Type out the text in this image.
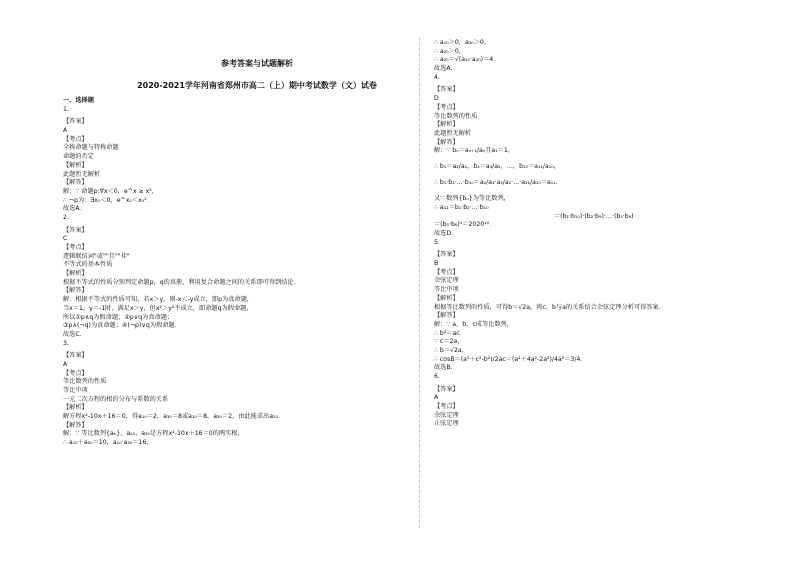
参考答案与试题解析
2020-2021学年河南省郑州市高二（上）期中考试数学（文）试卷
一、选择题
1.
【答案】
A
【考点】
全称命题与特称命题
命题的否定
【解析】
此题暂无解析
【解答】
解：∵ 命题p:∀x＜0，e^x ≥ x²，
∴ ¬p为：∃x₀＜0，e^x₀＜x₀²．
故选A．
2.
【答案】
C
【考点】
逻辑联结词"或""且""非"
不等式的基本性质
【解析】
根据不等式的性质分别判定命题p，q的真册，利用复合命题之间的关系即可得到结论．
【解答】
解：根据不等式的性质可知，若x＞y，则-x＜-y成立，即p为真命题，
当x＝1，y＝-1时，满足x＞y，但x²＞y²不成立，即命题q为假命题，
所以①p∧q为假命题；②p∨q为真命题；
③p∧(¬q)为真命题；④(¬p)∨q为假命题．
故选C．
3.
【答案】
A
【考点】
等比数列的性质
等比中项
一元二次方程的根的分布与系数的关系
【解析】
解方程x²-10x＋16＝0，得a₁₀＝2，a₃₀＝8或a₁₀＝8，a₃₀＝2，由此能求出a₂₀．
【解答】
解：∵ 等比数列{aₙ}，a₁₀，a₃₀是方程x²-10x＋16＝0的两实根，
∴ a₁₀＋a₃₀＝10，a₁₀·a₃₀＝16，
∴ a₁₀＞0，a₃₀＞0，
∴ a₂₀＞0，
∴ a₂₀＝√(a₁₀·a₃₀)＝4．
故选A．
4.
【答案】
D
【考点】
等比数列的性质
【解析】
此题暂无解析
【解答】
解：∵ bₙ＝aₙ₊₁/aₙ且a₁＝1，
∴ b₁＝a₂/a₁，b₂＝a₃/a₂，…，b₁₀＝a₁₁/a₁₀，
∴ b₁·b₂·…·b₁₀＝a₂/a₁·a₃/a₂·…·a₁₁/a₁₀＝a₁₁．
又∵ 数列{bₙ}为等比数列，
∴ a₁₁＝b₁·b₂·…·b₁₀
＝(b₁·b₁₀)·(b₂·b₉)·…·(b₅·b₆)
＝(b₅·b₆)⁵＝2020¹⁰．
故选D．
5.
【答案】
B
【考点】
余弦定理
等比中项
【解析】
根据等比数列的性质，可得b＝√2a，将c、b与a的关系结合余弦定理分析可得答案．
【解答】
解：∵ a，b，c成等比数列，
∴ b²＝ac．
∵ c＝2a，
∴ b＝√2a，
∴ cosB＝(a²＋c²-b²)/2ac＝(a²＋4a²-2a²)/4a²＝3/4．
故选B．
6.
【答案】
A
【考点】
余弦定理
正弦定理
